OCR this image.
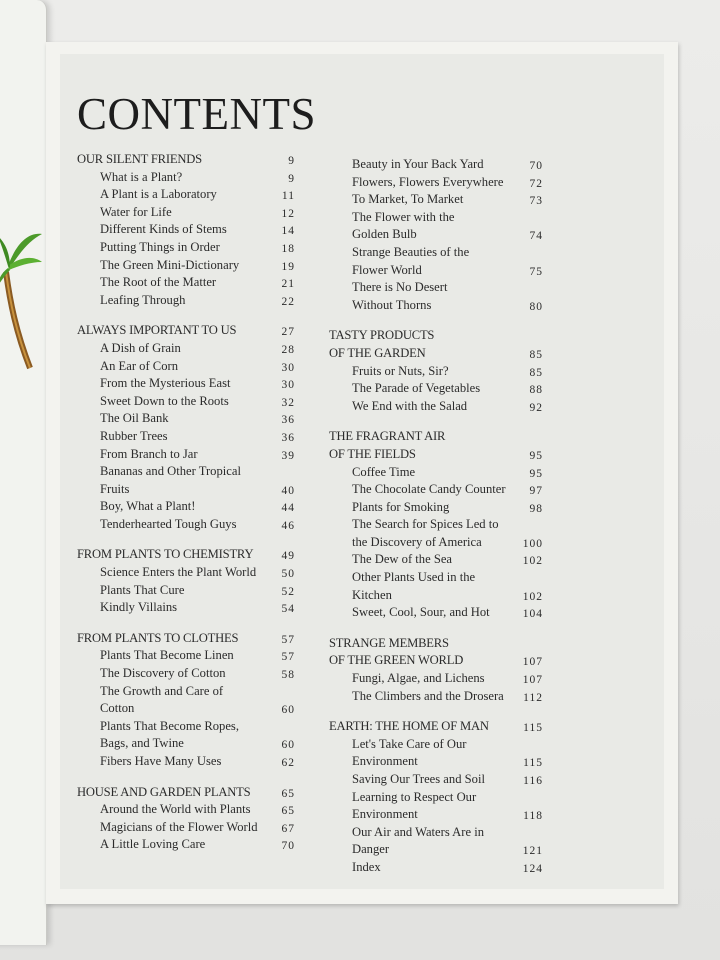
CONTENTS
OUR SILENT FRIENDS	9
What is a Plant?	9
A Plant is a Laboratory	11
Water for Life	12
Different Kinds of Stems	14
Putting Things in Order	18
The Green Mini-Dictionary	19
The Root of the Matter	21
Leafing Through	22
ALWAYS IMPORTANT TO US	27
A Dish of Grain	28
An Ear of Corn	30
From the Mysterious East	30
Sweet Down to the Roots	32
The Oil Bank	36
Rubber Trees	36
From Branch to Jar	39
Bananas and Other Tropical
Fruits	40
Boy, What a Plant!	44
Tenderhearted Tough Guys	46
FROM PLANTS TO CHEMISTRY	49
Science Enters the Plant World	50
Plants That Cure	52
Kindly Villains	54
FROM PLANTS TO CLOTHES	57
Plants That Become Linen	57
The Discovery of Cotton	58
The Growth and Care of
Cotton	60
Plants That Become Ropes,
Bags, and Twine	60
Fibers Have Many Uses	62
HOUSE AND GARDEN PLANTS	65
Around the World with Plants	65
Magicians of the Flower World	67
A Little Loving Care	70
Beauty in Your Back Yard	70
Flowers, Flowers Everywhere	72
To Market, To Market	73
The Flower with the
Golden Bulb	74
Strange Beauties of the
Flower World	75
There is No Desert
Without Thorns	80
TASTY PRODUCTS
OF THE GARDEN	85
Fruits or Nuts, Sir?	85
The Parade of Vegetables	88
We End with the Salad	92
THE FRAGRANT AIR
OF THE FIELDS	95
Coffee Time	95
The Chocolate Candy Counter	97
Plants for Smoking	98
The Search for Spices Led to
the Discovery of America	100
The Dew of the Sea	102
Other Plants Used in the
Kitchen	102
Sweet, Cool, Sour, and Hot	104
STRANGE MEMBERS
OF THE GREEN WORLD	107
Fungi, Algae, and Lichens	107
The Climbers and the Drosera	112
EARTH: THE HOME OF MAN	115
Let's Take Care of Our
Environment	115
Saving Our Trees and Soil	116
Learning to Respect Our
Environment	118
Our Air and Waters Are in
Danger	121
Index	124
